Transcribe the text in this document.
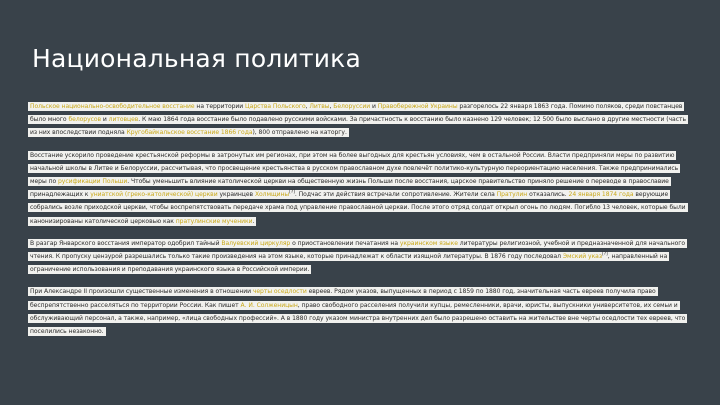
Национальная политика

Польское национально-освободительное восстание на территории Царства Польского, Литвы, Белоруссии и Правобережной Украины разгорелось 22 января 1863 года. Помимо поляков, среди повстанцев было много белорусов и литовцев. К маю 1864 года восстание было подавлено русскими войсками. За причастность к восстанию было казнено 129 человек; 12 500 было выслано в другие местности (часть из них впоследствии подняла Кругобайкальское восстание 1866 года), 800 отправлено на каторгу.

Восстание ускорило проведение крестьянской реформы в затронутых им регионах, при этом на более выгодных для крестьян условиях, чем в остальной России. Власти предприняли меры по развитию начальной школы в Литве и Белоруссии, рассчитывая, что просвещение крестьянства в русском православном духе повлечёт политико-культурную переориентацию населения. Также предпринимались меры по русификации Польши. Чтобы уменьшить влияние католической церкви на общественную жизнь Польши после восстания, царское правительство приняло решение о переводе в православие принадлежащих к униатской (греко-католической) церкви украинцев Холмщины[?]. Подчас эти действия встречали сопротивление. Жители села Пратулин отказались. 24 января 1874 года верующие собрались возле приходской церкви, чтобы воспрепятствовать передаче храма под управление православной церкви. После этого отряд солдат открыл огонь по людям. Погибло 13 человек, которые были канонизированы католической церковью как пратулинские мученики.

В разгар Январского восстания император одобрил тайный Валуевский циркуляр о приостановлении печатания на украинском языке литературы религиозной, учебной и предназначенной для начального чтения. К пропуску цензурой разрешались только такие произведения на этом языке, которые принадлежат к области изящной литературы. В 1876 году последовал Эмский указ[?], направленный на ограничение использования и преподавания украинского языка в Российской империи.

При Александре II произошли существенные изменения в отношении черты оседлости евреев. Рядом указов, выпущенных в период с 1859 по 1880 год, значительная часть евреев получила право беспрепятственно расселяться по территории России. Как пишет А. И. Солженицын, право свободного расселения получили купцы, ремесленники, врачи, юристы, выпускники университетов, их семьи и обслуживающий персонал, а также, например, «лица свободных профессий». А в 1880 году указом министра внутренних дел было разрешено оставить на жительстве вне черты оседлости тех евреев, что поселились незаконно.
